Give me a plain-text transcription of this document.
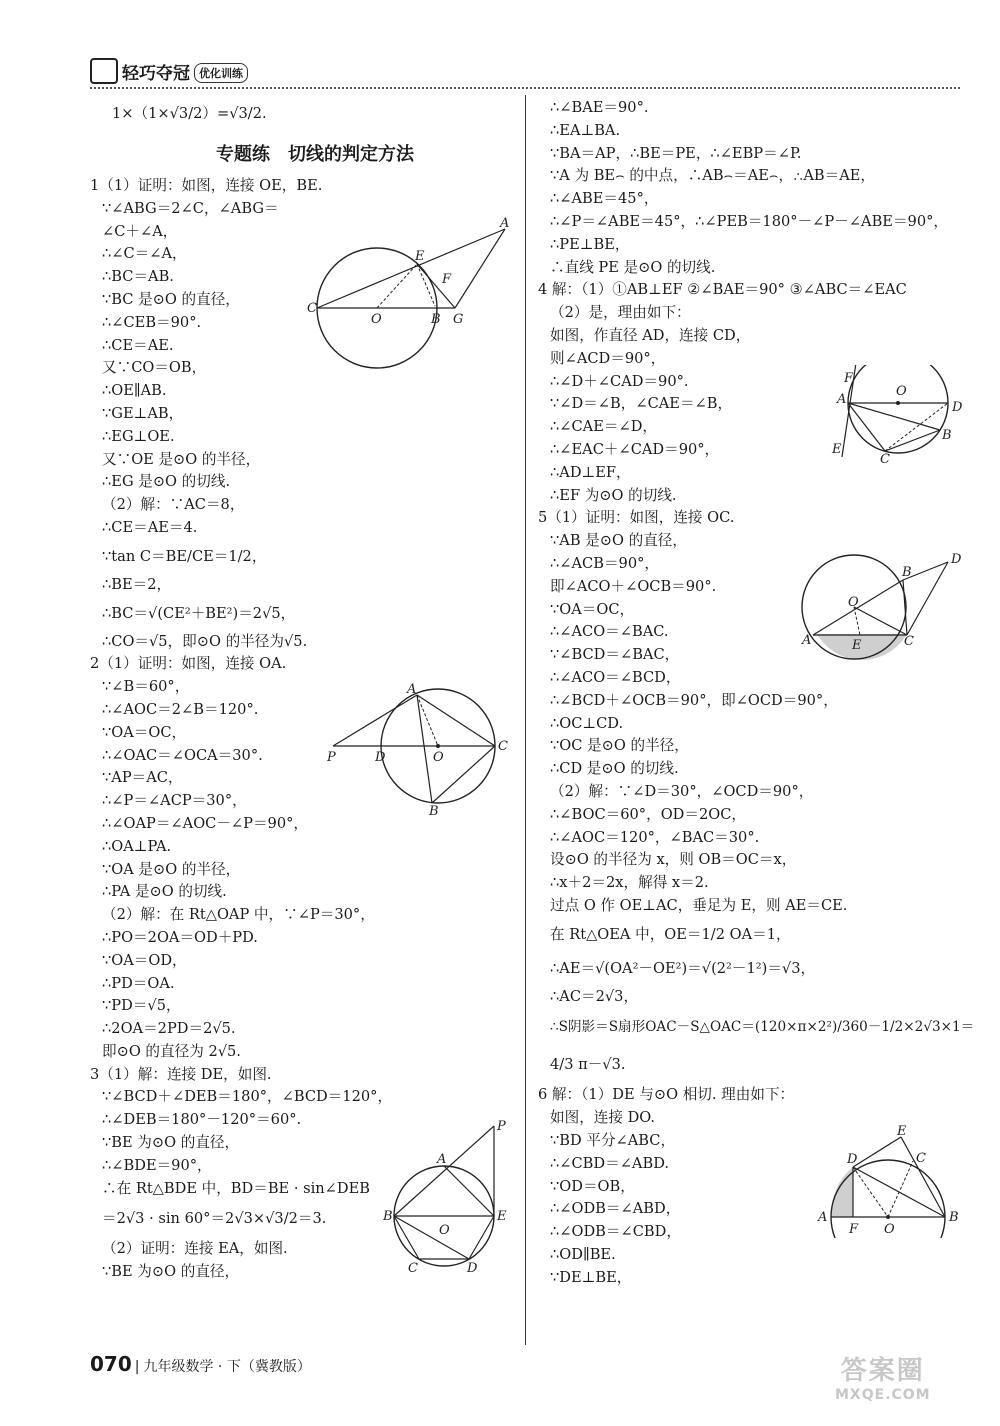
轻巧夺冠 优化训练
1×（1×√3/2）=√3/2.
专题练　切线的判定方法
1（1）证明：如图，连接 OE，BE.
∵∠ABG＝2∠C，∠ABG＝
∠C＋∠A，
∴∠C＝∠A，
∴BC＝AB.
∵BC 是⊙O 的直径，
∴∠CEB＝90°.
∴CE＝AE.
又∵CO＝OB，
∴OE∥AB.
∵GE⊥AB，
∴EG⊥OE.
又∵OE 是⊙O 的半径，
∴EG 是⊙O 的切线.
（2）解：∵AC＝8，
∴CE＝AE＝4.
∵tan C＝BE/CE＝1/2，
∴BE＝2，
∴BC＝√(CE²＋BE²)＝2√5，
∴CO＝√5，即⊙O 的半径为√5.
2（1）证明：如图，连接 OA.
∵∠B＝60°，
∴∠AOC＝2∠B＝120°.
∵OA＝OC，
∴∠OAC＝∠OCA＝30°.
∵AP＝AC，
∴∠P＝∠ACP＝30°，
∴∠OAP＝∠AOC－∠P＝90°，
∴OA⊥PA.
∵OA 是⊙O 的半径，
∴PA 是⊙O 的切线.
（2）解：在 Rt△OAP 中，∵∠P＝30°，
∴PO＝2OA＝OD＋PD.
∵OA＝OD，
∴PD＝OA.
∵PD＝√5，
∴2OA＝2PD＝2√5.
即⊙O 的直径为 2√5.
3（1）解：连接 DE，如图.
∵∠BCD＋∠DEB＝180°，∠BCD＝120°，
∴∠DEB＝180°－120°＝60°.
∵BE 为⊙O 的直径，
∴∠BDE＝90°，
∴在 Rt△BDE 中，BD＝BE · sin∠DEB
＝2√3 · sin 60°＝2√3×√3/2＝3.
（2）证明：连接 EA，如图.
∵BE 为⊙O 的直径，
∴∠BAE＝90°.
∴EA⊥BA.
∵BA＝AP，∴BE＝PE，∴∠EBP＝∠P.
∵A 为 BE⌢ 的中点，∴AB⌢＝AE⌢，∴AB＝AE，
∴∠ABE＝45°，
∴∠P＝∠ABE＝45°，∴∠PEB＝180°－∠P－∠ABE＝90°，
∴PE⊥BE，
∴直线 PE 是⊙O 的切线.
4 解：（1）①AB⊥EF ②∠BAE＝90° ③∠ABC＝∠EAC
（2）是，理由如下：
如图，作直径 AD，连接 CD，
则∠ACD＝90°，
∴∠D＋∠CAD＝90°.
∵∠D＝∠B，∠CAE＝∠B，
∴∠CAE＝∠D，
∴∠EAC＋∠CAD＝90°，
∴AD⊥EF，
∴EF 为⊙O 的切线.
5（1）证明：如图，连接 OC.
∵AB 是⊙O 的直径，
∴∠ACB＝90°，
即∠ACO＋∠OCB＝90°.
∵OA＝OC，
∴∠ACO＝∠BAC.
∵∠BCD＝∠BAC，
∴∠ACO＝∠BCD，
∴∠BCD＋∠OCB＝90°，即∠OCD＝90°，
∴OC⊥CD.
∵OC 是⊙O 的半径，
∴CD 是⊙O 的切线.
（2）解：∵∠D＝30°，∠OCD＝90°，
∴∠BOC＝60°，OD＝2OC，
∴∠AOC＝120°，∠BAC＝30°.
设⊙O 的半径为 x，则 OB＝OC＝x，
∴x＋2＝2x，解得 x＝2.
过点 O 作 OE⊥AC，垂足为 E，则 AE＝CE.
在 Rt△OEA 中，OE＝1/2 OA＝1，
∴AE＝√(OA²－OE²)＝√(2²－1²)＝√3，
∴AC＝2√3，
∴S阴影＝S扇形OAC－S△OAC＝(120×π×2²)/360－1/2×2√3×1＝
4/3 π－√3.
6 解：（1）DE 与⊙O 相切. 理由如下：
如图，连接 DO.
∵BD 平分∠ABC，
∴∠CBD＝∠ABD.
∵OD＝OB，
∴∠ODB＝∠ABD，
∴∠ODB＝∠CBD，
∴OD∥BE.
∵DE⊥BE，
A
C
O
E
F
B G
A
P	D	O
C
B
P
A
B
O
E
C	D
F
O
A
D
B
E
C
D
B
O
A	E	C
E
D	C
A
F O
B
070 | 九年级数学 · 下（冀教版）	答案圈
MXQE.COM
